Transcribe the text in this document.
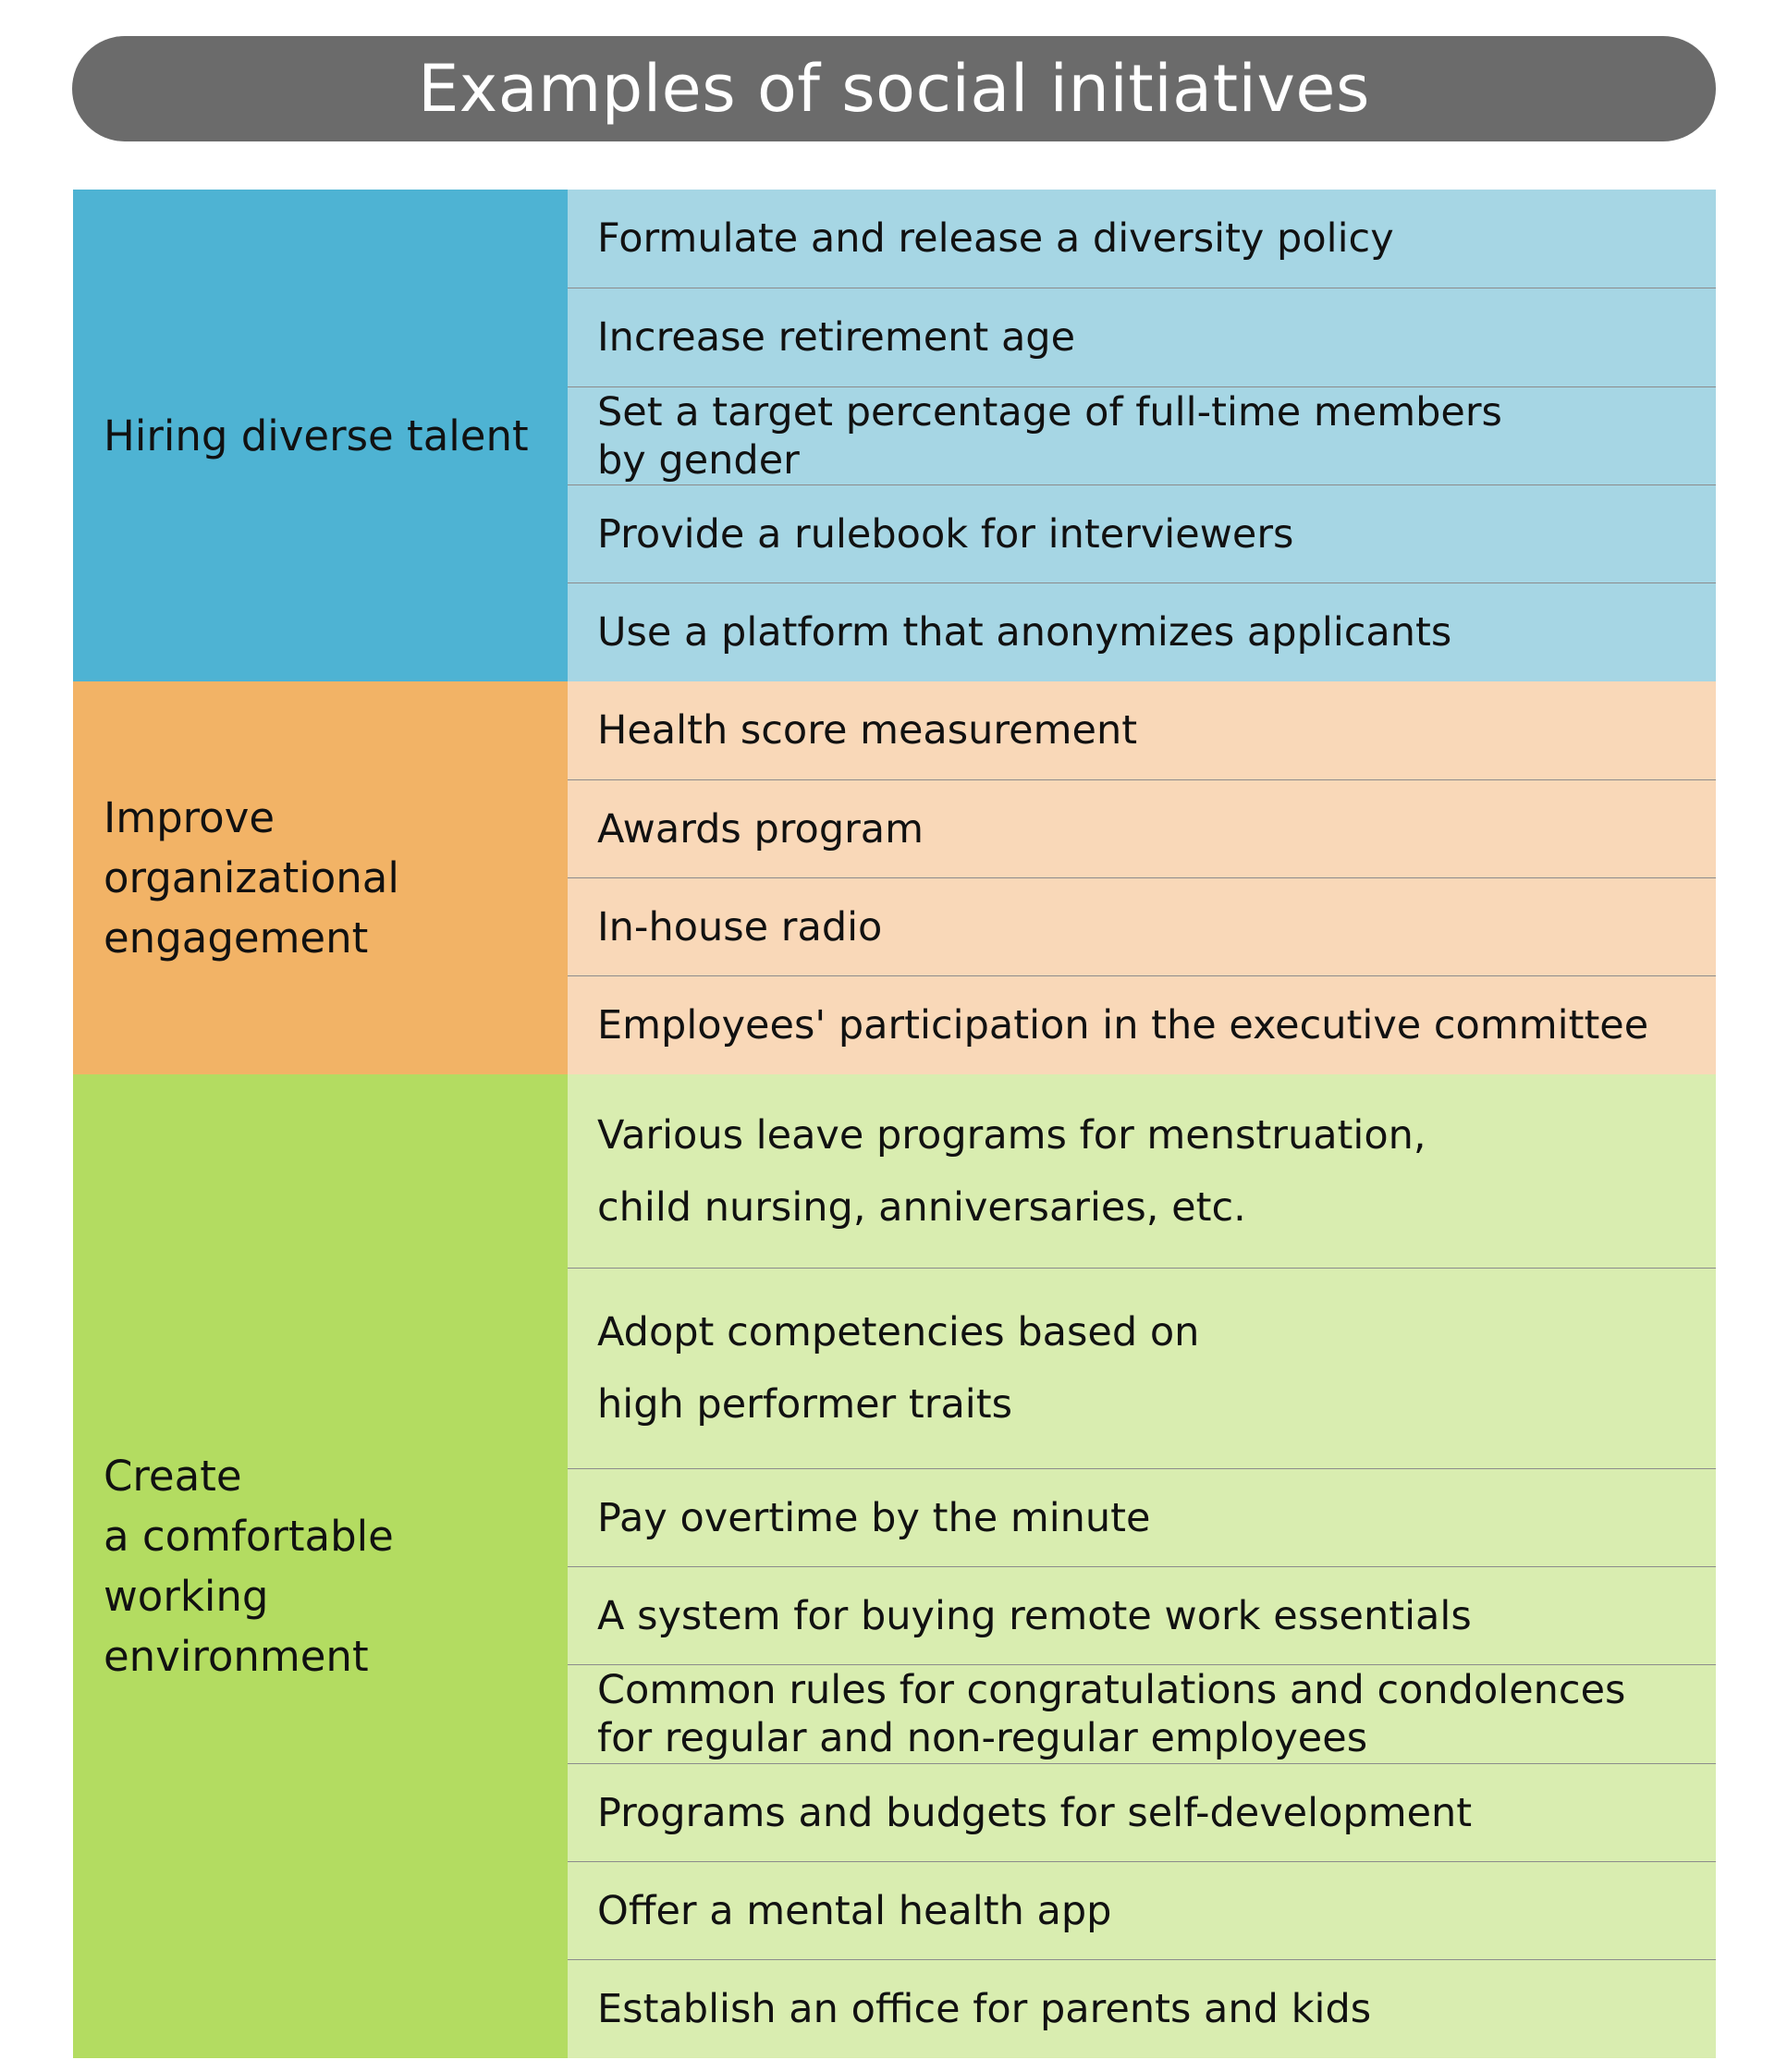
Examples of social initiatives
Hiring diverse talent
Formulate and release a diversity policy
Increase retirement age
Set a target percentage of full-time members
by gender
Provide a rulebook for interviewers
Use a platform that anonymizes applicants
Improve
organizational
engagement
Health score measurement
Awards program
In-house radio
Employees' participation in the executive committee
Create
a comfortable
working
environment
Various leave programs for menstruation,
child nursing, anniversaries, etc.
Adopt competencies based on
high performer traits
Pay overtime by the minute
A system for buying remote work essentials
Common rules for congratulations and condolences
for regular and non-regular employees
Programs and budgets for self-development
Offer a mental health app
Establish an office for parents and kids
